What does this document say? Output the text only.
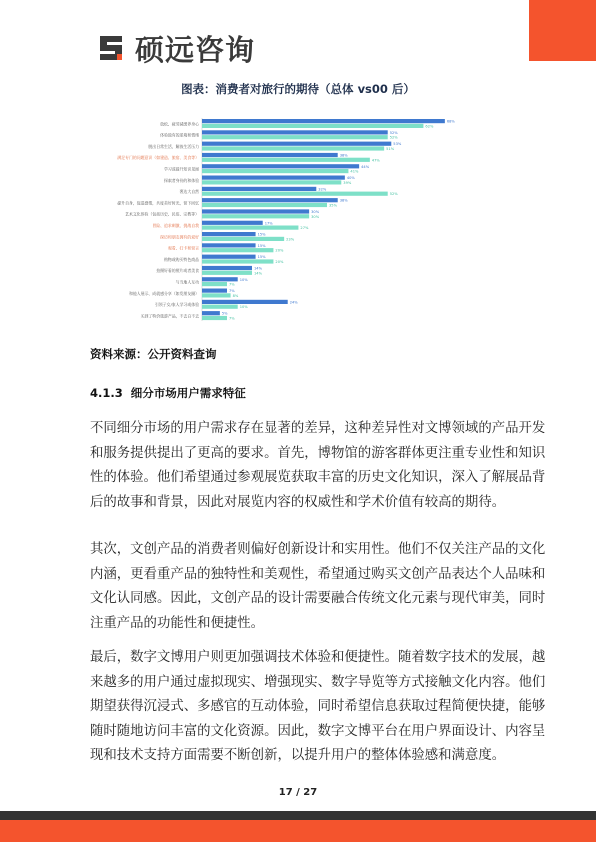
硕远咨询
图表：消费者对旅行的期待（总体 vs00 后）
放松、疲劳减缓养身心	68%
62%
体验独有的逆境和情绪	52%
52%
脱出日常生活，解放生活压力	53%
51%
满足专门的问题意识（如建造、旅宿、美食等）	38%
47%
学习或提升知识见闻	44%
41%
探索者身份的和体验	40%
39%
奢达大自然	32%
52%
提升自身，促进感情，共度美好时光，留下回忆	38%
35%
艺术文化体验（包括历史、民俗、宗教等）	30%
30%
冒险、追求刺激、挑战自我	17%
27%
探访和朋友拥有的爱好	15%
23%
观看、打卡和留言	15%
20%
购物或购买特色商品	15%
20%
拍摄好看的照片或者美食	14%
14%
与当地人互动	10%
7%
和他人展示、成就感分享（如发朋友圈）	7%
8%
引领子女/家人学习或体验	24%
10%
买到了特价旅游产品，不去白不去	5%
7%
资料来源：公开资料查询
4.1.3 细分市场用户需求特征
不同细分市场的用户需求存在显著的差异，这种差异性对文博领域的产品开发
和服务提供提出了更高的要求。首先，博物馆的游客群体更注重专业性和知识
性的体验。他们希望通过参观展览获取丰富的历史文化知识，深入了解展品背
后的故事和背景，因此对展览内容的权威性和学术价值有较高的期待。
其次，文创产品的消费者则偏好创新设计和实用性。他们不仅关注产品的文化
内涵，更看重产品的独特性和美观性，希望通过购买文创产品表达个人品味和
文化认同感。因此，文创产品的设计需要融合传统文化元素与现代审美，同时
注重产品的功能性和便捷性。
最后，数字文博用户则更加强调技术体验和便捷性。随着数字技术的发展，越
来越多的用户通过虚拟现实、增强现实、数字导览等方式接触文化内容。他们
期望获得沉浸式、多感官的互动体验，同时希望信息获取过程简便快捷，能够
随时随地访问丰富的文化资源。因此，数字文博平台在用户界面设计、内容呈
现和技术支持方面需要不断创新，以提升用户的整体体验感和满意度。
17 / 27
